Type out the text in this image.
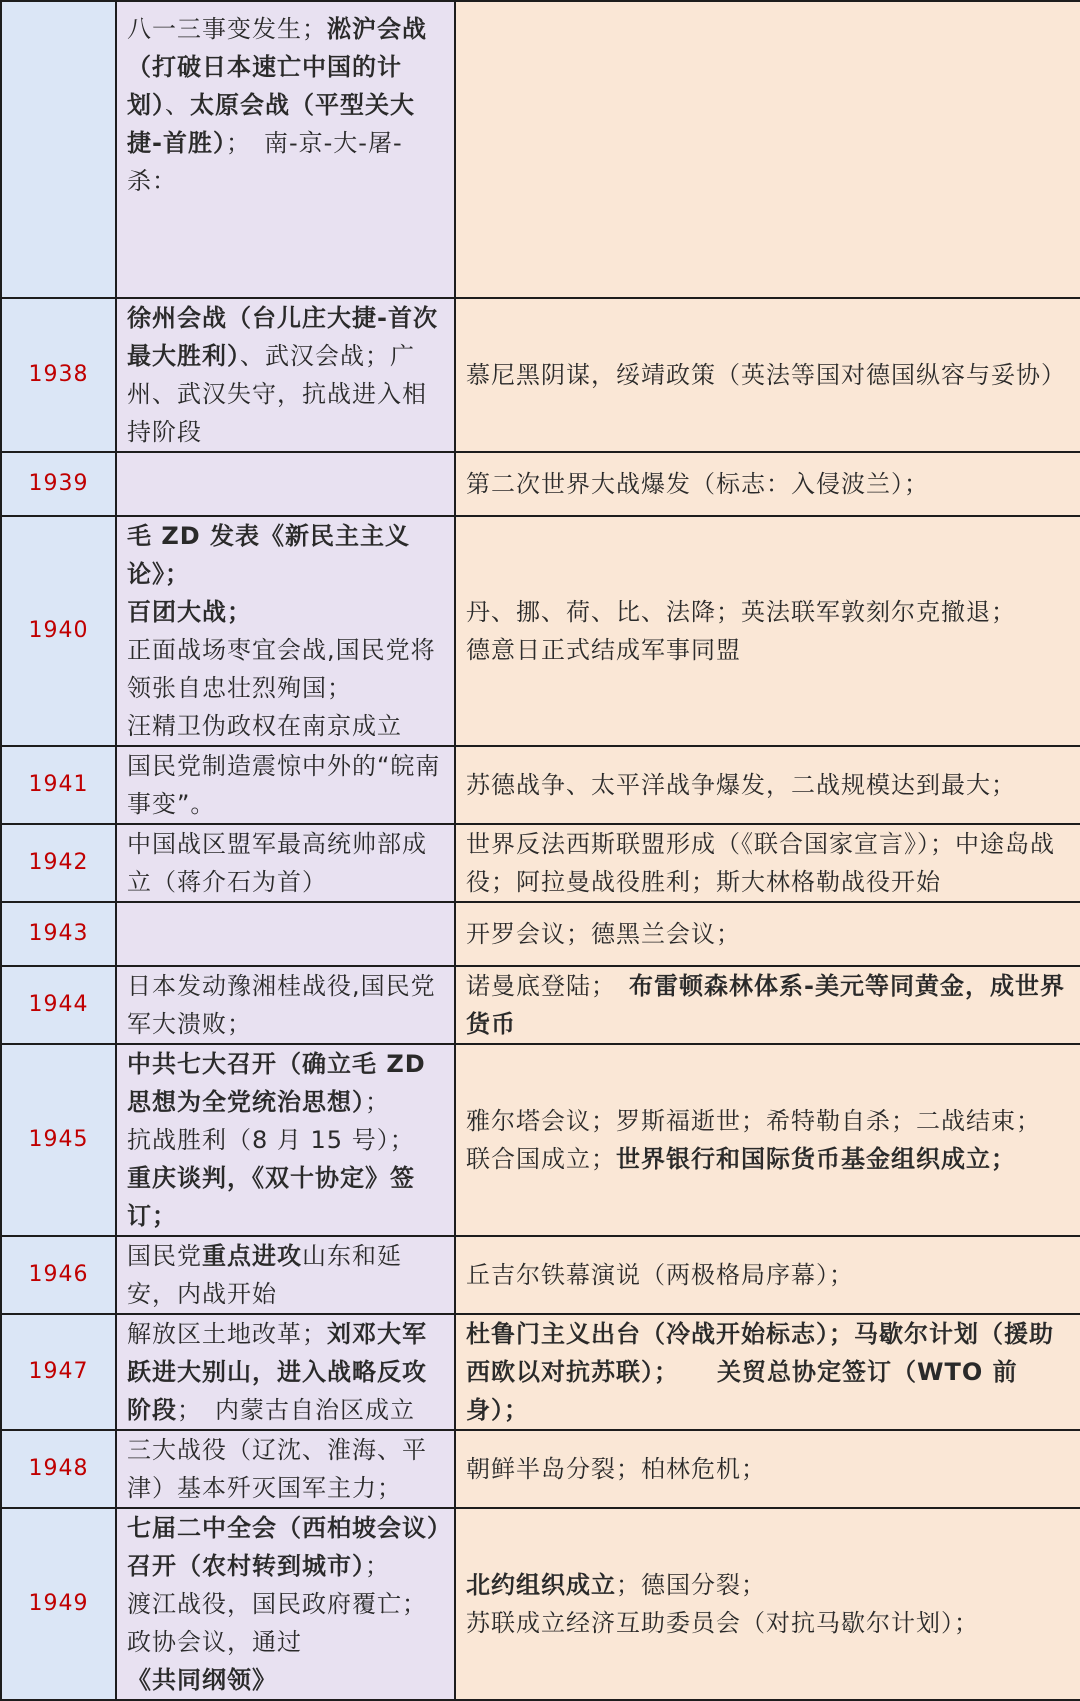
	八一三事变发生；淞沪会战（打破日本速亡中国的计划）、太原会战（平型关大捷-首胜）；　南-京-大-屠-杀：	
1938	徐州会战（台儿庄大捷-首次最大胜利）、武汉会战；广州、武汉失守，抗战进入相持阶段	慕尼黑阴谋，绥靖政策（英法等国对德国纵容与妥协）
1939		第二次世界大战爆发（标志：入侵波兰）；
1940	毛 ZD 发表《新民主主义论》；
百团大战；
正面战场枣宜会战,国民党将领张自忠壮烈殉国；
汪精卫伪政权在南京成立	丹、挪、荷、比、法降；英法联军敦刻尔克撤退；
德意日正式结成军事同盟

1941	国民党制造震惊中外的“皖南事变”。	苏德战争、太平洋战争爆发，二战规模达到最大；
1942	中国战区盟军最高统帅部成立（蒋介石为首）	世界反法西斯联盟形成（《联合国家宣言》）；中途岛战役；阿拉曼战役胜利；斯大林格勒战役开始
1943		开罗会议；德黑兰会议；
1944	日本发动豫湘桂战役,国民党军大溃败；	诺曼底登陆；　布雷顿森林体系-美元等同黄金，成世界货币
1945	中共七大召开（确立毛 ZD 思想为全党统治思想）；
抗战胜利（8 月 15 号）；
重庆谈判，《双十协定》签订；	雅尔塔会议；罗斯福逝世；希特勒自杀；二战结束；
联合国成立；世界银行和国际货币基金组织成立；
1946	国民党重点进攻山东和延安，内战开始	丘吉尔铁幕演说（两极格局序幕）；
1947	解放区土地改革；刘邓大军跃进大别山，进入战略反攻阶段；　内蒙古自治区成立	杜鲁门主义出台（冷战开始标志）；马歇尔计划（援助西欧以对抗苏联）；　　关贸总协定签订（WTO 前身）；
1948	三大战役（辽沈、淮海、平津）基本歼灭国军主力；	朝鲜半岛分裂；柏林危机；
1949	七届二中全会（西柏坡会议）召开（农村转到城市）；
渡江战役，国民政府覆亡；
政协会议，通过《共同纲领》	北约组织成立；德国分裂；
苏联成立经济互助委员会（对抗马歇尔计划）；
